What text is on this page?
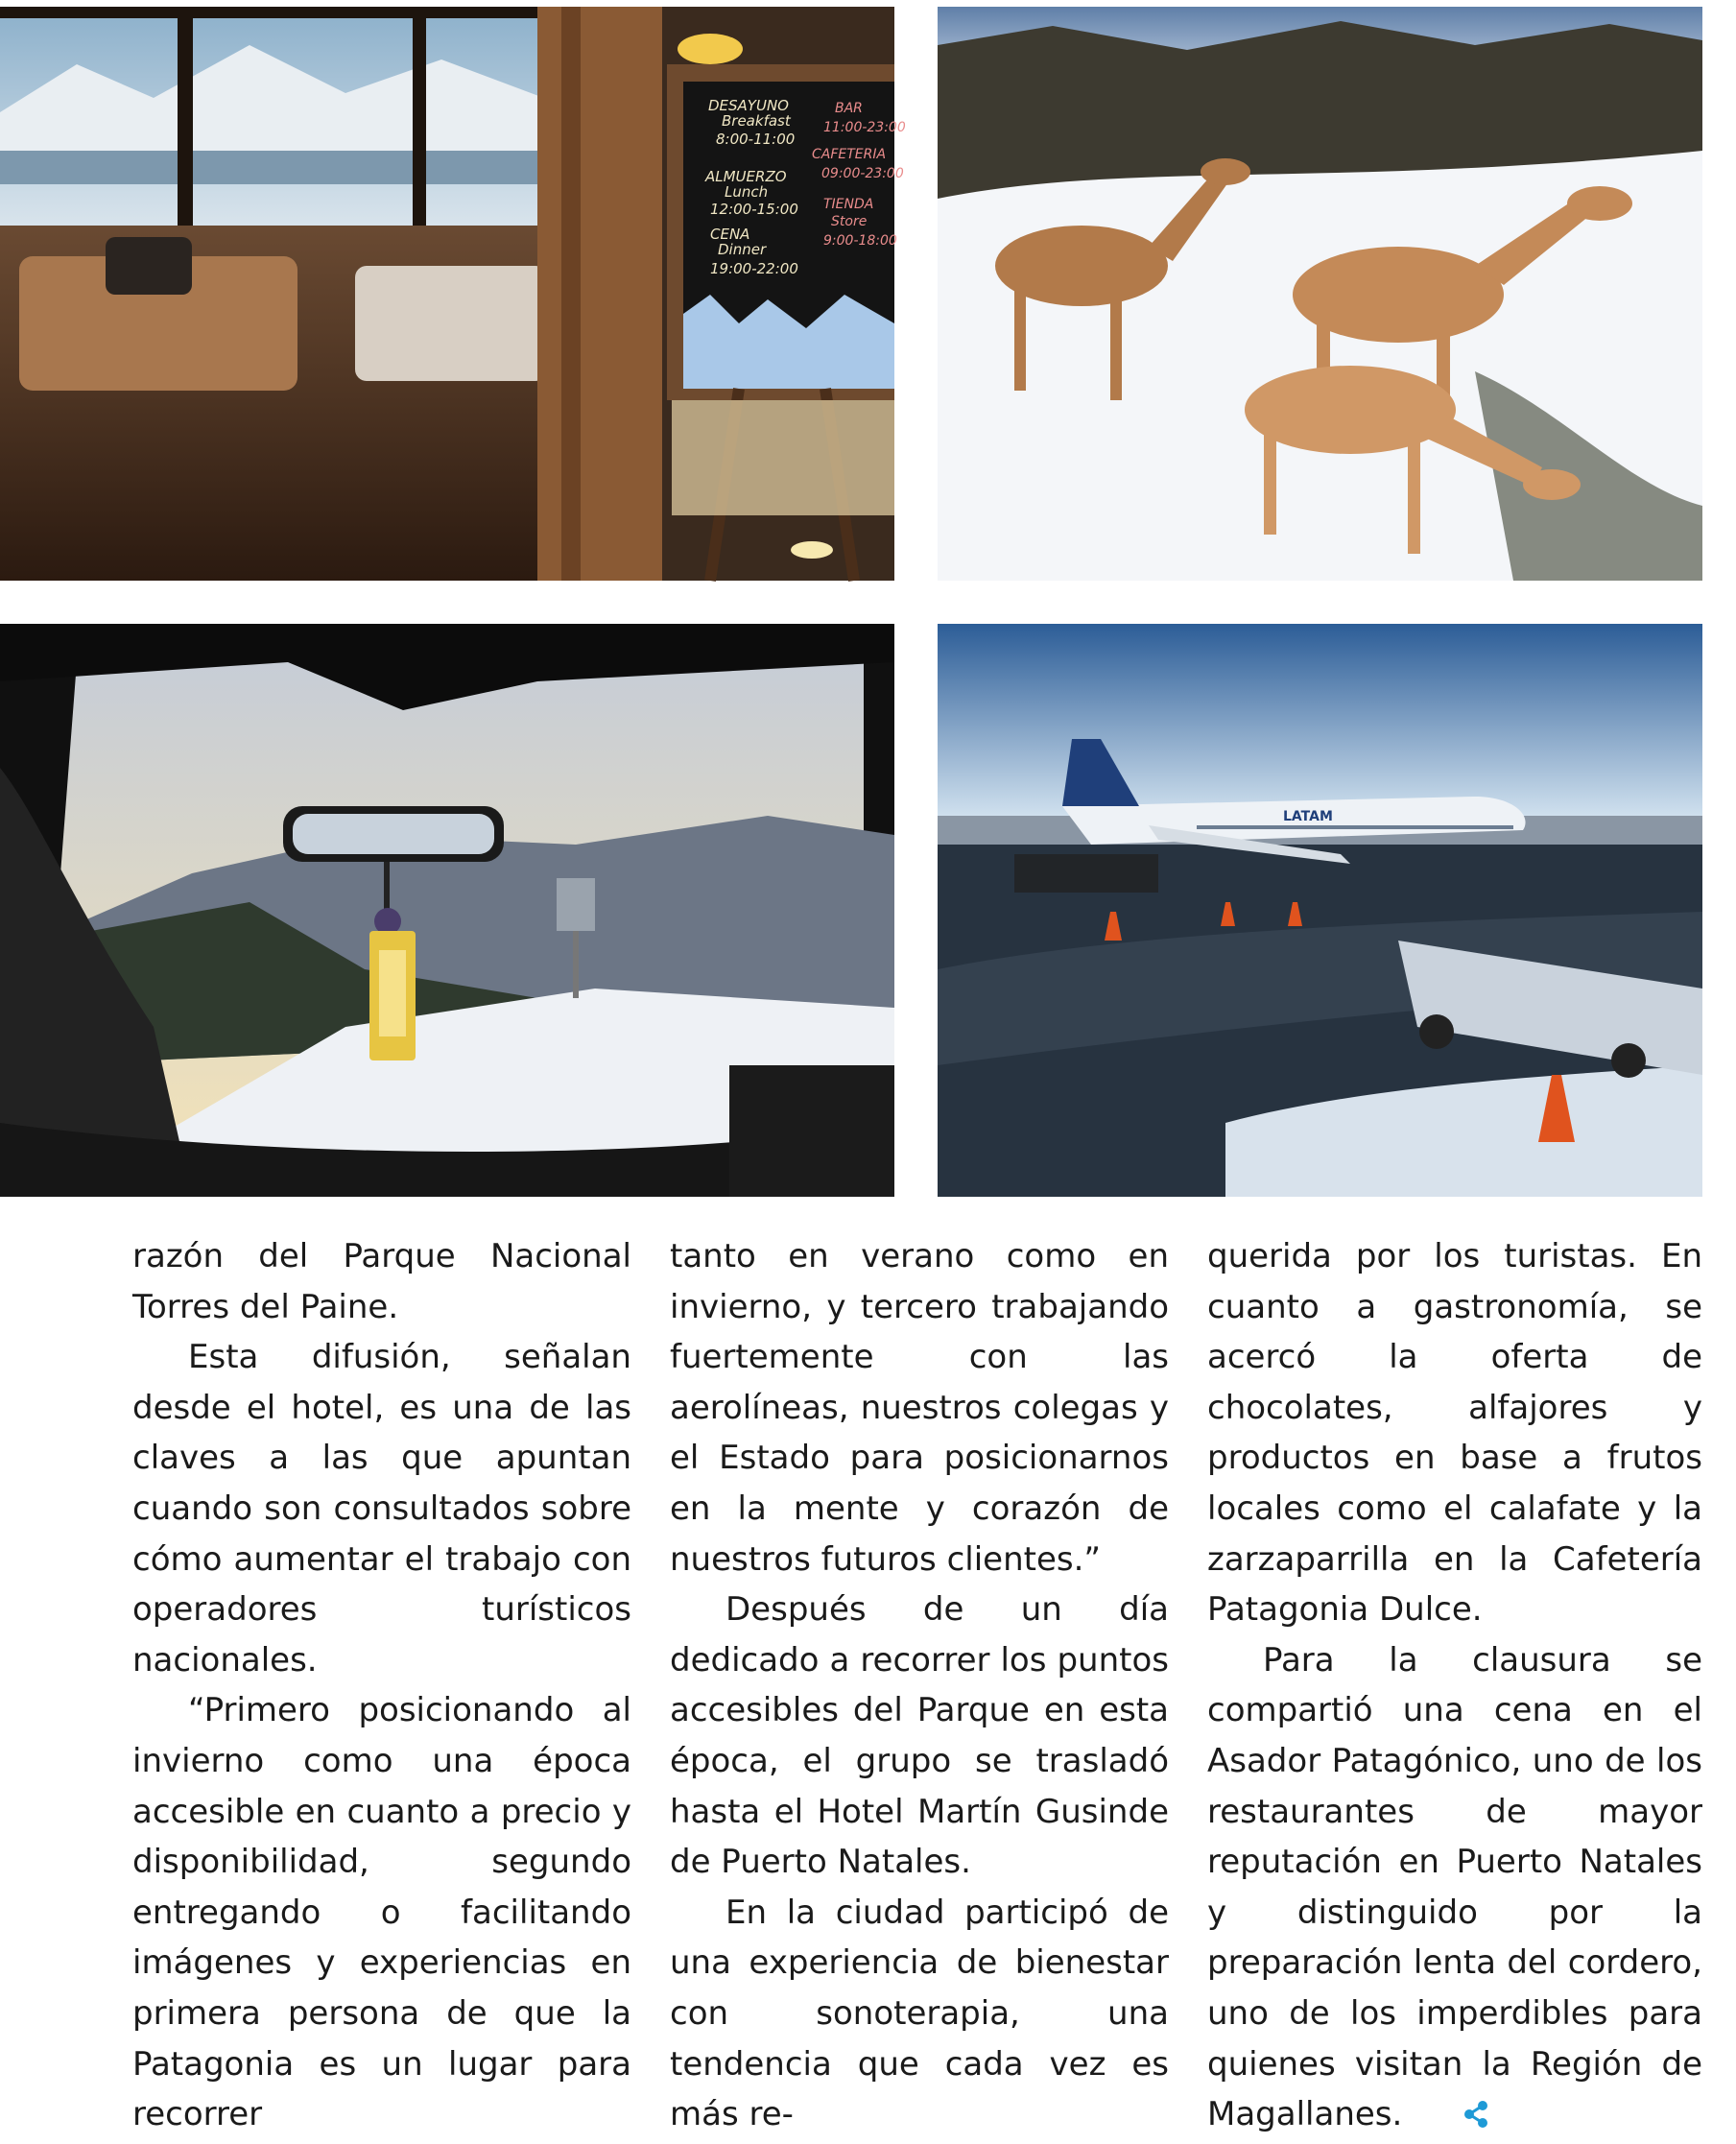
DESAYUNO
Breakfast
8:00-11:00
ALMUERZO
Lunch
12:00-15:00
CENA
Dinner
19:00-22:00
BAR
11:00-23:00
CAFETERIA
09:00-23:00
TIENDA
Store
9:00-18:00
LATAM

razón del Parque Nacional Torres del Paine.

Esta difusión, señalan desde el hotel, es una de las claves a las que apuntan cuando son consultados sobre cómo aumentar el trabajo con operadores turísticos nacionales.

“Primero posicionando al invierno como una época accesible en cuanto a precio y disponibilidad, segundo entregando o facilitando imágenes y experiencias en primera persona de que la Patagonia es un lugar para recorrer

tanto en verano como en invierno, y tercero trabajando fuertemente con las aerolíneas, nuestros colegas y el Estado para posicionarnos en la mente y corazón de nuestros futuros clientes.”

Después de un día dedicado a recorrer los puntos accesibles del Parque en esta época, el grupo se trasladó hasta el Hotel Martín Gusinde de Puerto Natales.

En la ciudad participó de una experiencia de bienestar con sonoterapia, una tendencia que cada vez es más re-

querida por los turistas. En cuanto a gastronomía, se acercó la oferta de chocolates, alfajores y productos en base a frutos locales como el calafate y la zarzaparrilla en la Cafetería Patagonia Dulce.

Para la clausura se compartió una cena en el Asador Patagónico, uno de los restaurantes de mayor reputación en Puerto Natales y distinguido por la preparación lenta del cordero, uno de los imperdibles para quienes visitan la Región de Magallanes.
